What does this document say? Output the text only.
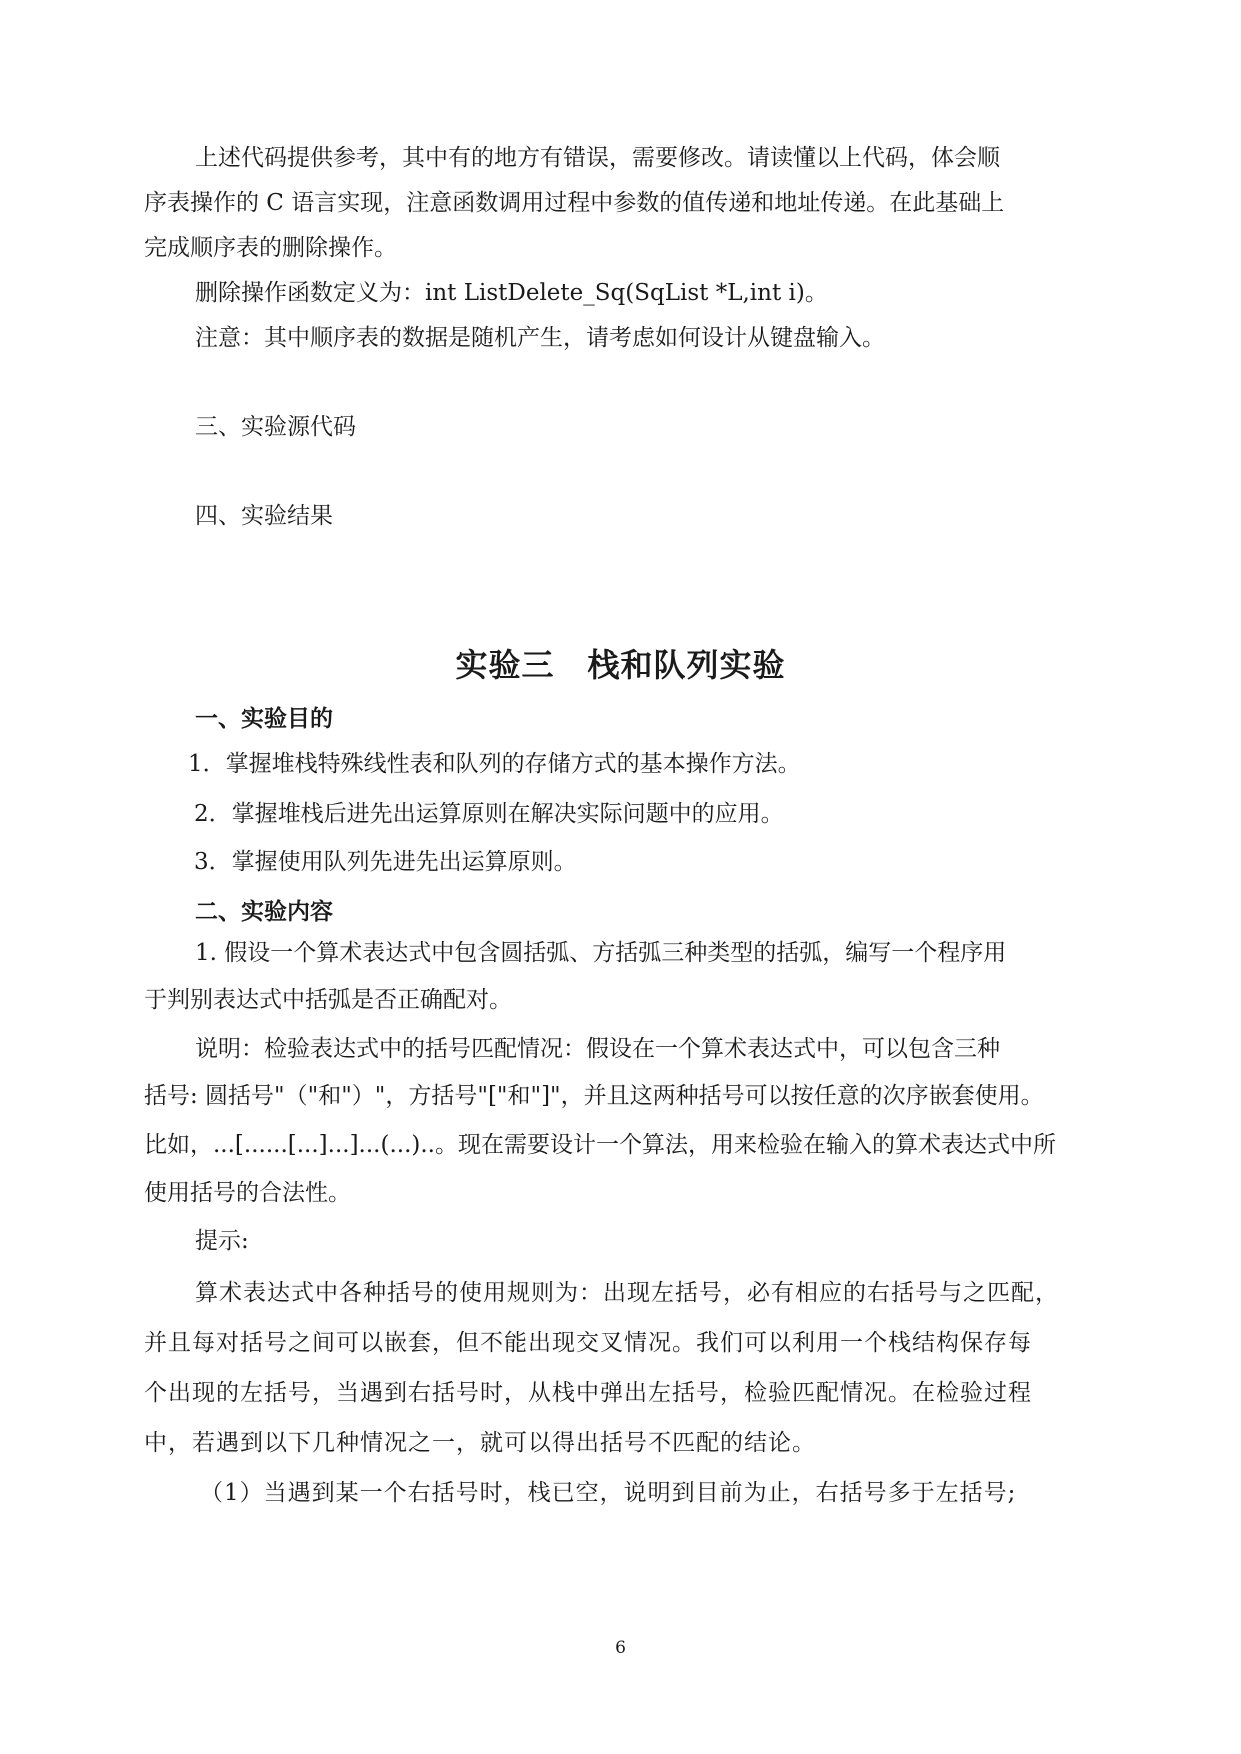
上述代码提供参考，其中有的地方有错误，需要修改。请读懂以上代码，体会顺

序表操作的 C 语言实现，注意函数调用过程中参数的值传递和地址传递。在此基础上

完成顺序表的删除操作。

删除操作函数定义为：int ListDelete_Sq(SqList *L,int i)。

注意：其中顺序表的数据是随机产生，请考虑如何设计从键盘输入。

三、实验源代码

四、实验结果

实验三　栈和队列实验
一、实验目的
1．掌握堆栈特殊线性表和队列的存储方式的基本操作方法。
2．掌握堆栈后进先出运算原则在解决实际问题中的应用。
3．掌握使用队列先进先出运算原则。
二、实验内容

1. 假设一个算术表达式中包含圆括弧、方括弧三种类型的括弧，编写一个程序用

于判别表达式中括弧是否正确配对。

说明：检验表达式中的括号匹配情况：假设在一个算术表达式中，可以包含三种

括号: 圆括号"（"和"）"，方括号"["和"]"，并且这两种括号可以按任意的次序嵌套使用。

比如，...[......[...]...]...(...)..。现在需要设计一个算法，用来检验在输入的算术表达式中所

使用括号的合法性。

提示:

算术表达式中各种括号的使用规则为：出现左括号，必有相应的右括号与之匹配，

并且每对括号之间可以嵌套，但不能出现交叉情况。我们可以利用一个栈结构保存每

个出现的左括号，当遇到右括号时，从栈中弹出左括号，检验匹配情况。在检验过程

中，若遇到以下几种情况之一，就可以得出括号不匹配的结论。

（1）当遇到某一个右括号时，栈已空，说明到目前为止，右括号多于左括号;

6
